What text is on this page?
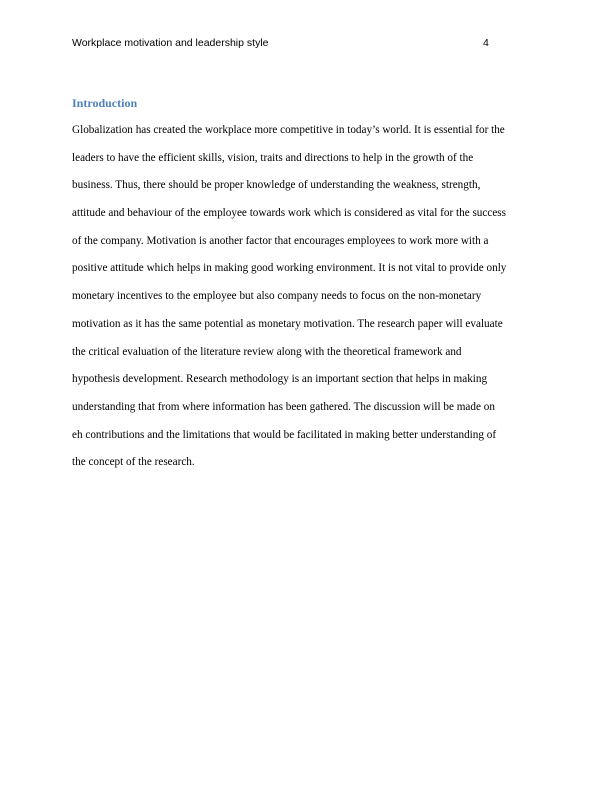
Workplace motivation and leadership style	4
Introduction
Globalization has created the workplace more competitive in today’s world. It is essential for the
leaders to have the efficient skills, vision, traits and directions to help in the growth of the
business. Thus, there should be proper knowledge of understanding the weakness, strength,
attitude and behaviour of the employee towards work which is considered as vital for the success
of the company. Motivation is another factor that encourages employees to work more with a
positive attitude which helps in making good working environment. It is not vital to provide only
monetary incentives to the employee but also company needs to focus on the non-monetary
motivation as it has the same potential as monetary motivation. The research paper will evaluate
the critical evaluation of the literature review along with the theoretical framework and
hypothesis development. Research methodology is an important section that helps in making
understanding that from where information has been gathered. The discussion will be made on
eh contributions and the limitations that would be facilitated in making better understanding of
the concept of the research.
